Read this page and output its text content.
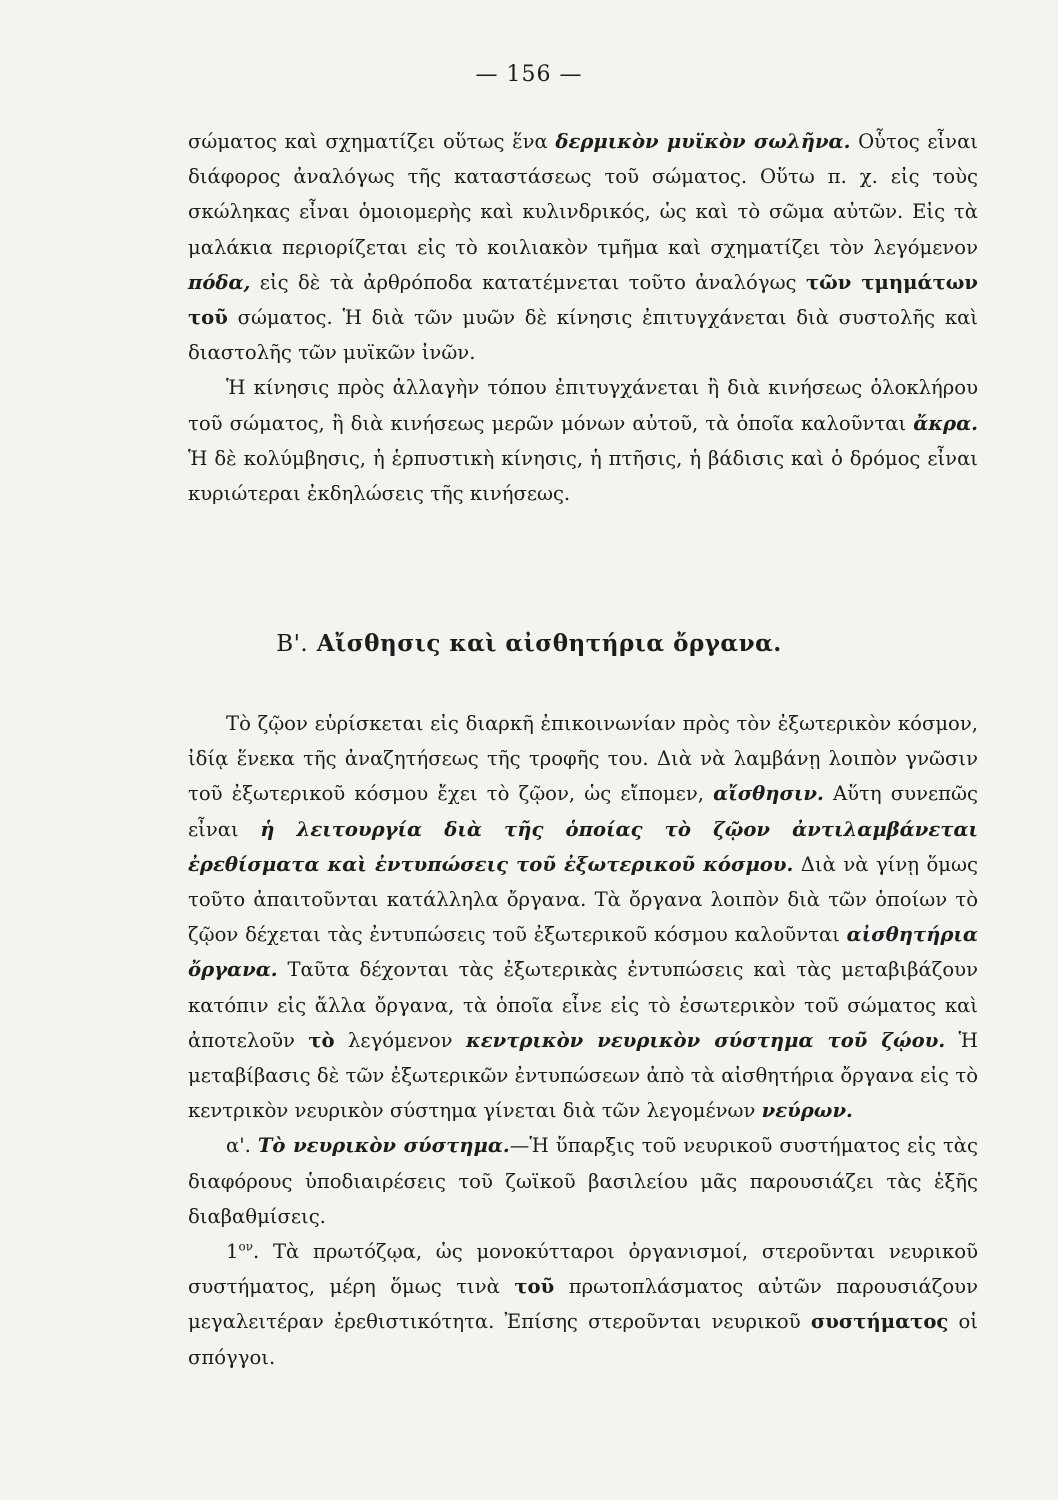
— 156 —

σώματος καὶ σχηματίζει οὕτως ἕνα δερμικὸν μυϊκὸν σωλῆνα. Οὗτος εἶναι διάφορος ἀναλόγως τῆς καταστάσεως τοῦ σώματος. Οὕτω π. χ. εἰς τοὺς σκώληκας εἶναι ὁμοιομερὴς καὶ κυλινδρικός, ὡς καὶ τὸ σῶμα αὐτῶν. Εἰς τὰ μαλάκια περιορίζεται εἰς τὸ κοιλιακὸν τμῆμα καὶ σχηματίζει τὸν λεγόμενον πόδα, εἰς δὲ τὰ ἀρθρόποδα κατατέμνεται τοῦτο ἀναλόγως τῶν τμημάτων τοῦ σώματος. Ἡ διὰ τῶν μυῶν δὲ κίνησις ἐπιτυγχάνεται διὰ συστολῆς καὶ διαστολῆς τῶν μυϊκῶν ἰνῶν.

Ἡ κίνησις πρὸς ἀλλαγὴν τόπου ἐπιτυγχάνεται ἢ διὰ κινήσεως ὁλοκλήρου τοῦ σώματος, ἢ διὰ κινήσεως μερῶν μόνων αὐτοῦ, τὰ ὁποῖα καλοῦνται ἄκρα. Ἡ δὲ κολύμβησις, ἡ ἑρπυστικὴ κίνησις, ἡ πτῆσις, ἡ βάδισις καὶ ὁ δρόμος εἶναι κυριώτεραι ἐκδηλώσεις τῆς κινήσεως.

Β'. Αἴσθησις καὶ αἰσθητήρια ὄργανα.

Τὸ ζῷον εὑρίσκεται εἰς διαρκῆ ἐπικοινωνίαν πρὸς τὸν ἐξωτερικὸν κόσμον, ἰδίᾳ ἕνεκα τῆς ἀναζητήσεως τῆς τροφῆς του. Διὰ νὰ λαμβάνῃ λοιπὸν γνῶσιν τοῦ ἐξωτερικοῦ κόσμου ἔχει τὸ ζῷον, ὡς εἴπομεν, αἴσθησιν. Αὕτη συνεπῶς εἶναι ἡ λειτουργία διὰ τῆς ὁποίας τὸ ζῷον ἀντιλαμβάνεται ἐρεθίσματα καὶ ἐντυπώσεις τοῦ ἐξωτερικοῦ κόσμου. Διὰ νὰ γίνῃ ὅμως τοῦτο ἀπαιτοῦνται κατάλληλα ὄργανα. Τὰ ὄργανα λοιπὸν διὰ τῶν ὁποίων τὸ ζῷον δέχεται τὰς ἐντυπώσεις τοῦ ἐξωτερικοῦ κόσμου καλοῦνται αἰσθητήρια ὄργανα. Ταῦτα δέχονται τὰς ἐξωτερικὰς ἐντυπώσεις καὶ τὰς μεταβιβάζουν κατόπιν εἰς ἄλλα ὄργανα, τὰ ὁποῖα εἶνε εἰς τὸ ἐσωτερικὸν τοῦ σώματος καὶ ἀποτελοῦν τὸ λεγόμενον κεντρικὸν νευρικὸν σύστημα τοῦ ζῴου. Ἡ μεταβίβασις δὲ τῶν ἐξωτερικῶν ἐντυπώσεων ἀπὸ τὰ αἰσθητήρια ὄργανα εἰς τὸ κεντρικὸν νευρικὸν σύστημα γίνεται διὰ τῶν λεγομένων νεύρων.

α'. Τὸ νευρικὸν σύστημα.—Ἡ ὕπαρξις τοῦ νευρικοῦ συστήματος εἰς τὰς διαφόρους ὑποδιαιρέσεις τοῦ ζωϊκοῦ βασιλείου μᾶς παρουσιάζει τὰς ἑξῆς διαβαθμίσεις.

$1^{o\nu}$. Τὰ πρωτόζῳα, ὡς μονοκύτταροι ὀργανισμοί, στεροῦνται νευρικοῦ συστήματος, μέρη ὅμως τινὰ τοῦ πρωτοπλάσματος αὐτῶν παρουσιάζουν μεγαλειτέραν ἐρεθιστικότητα. Ἐπίσης στεροῦνται νευρικοῦ συστήματος οἱ σπόγγοι.
